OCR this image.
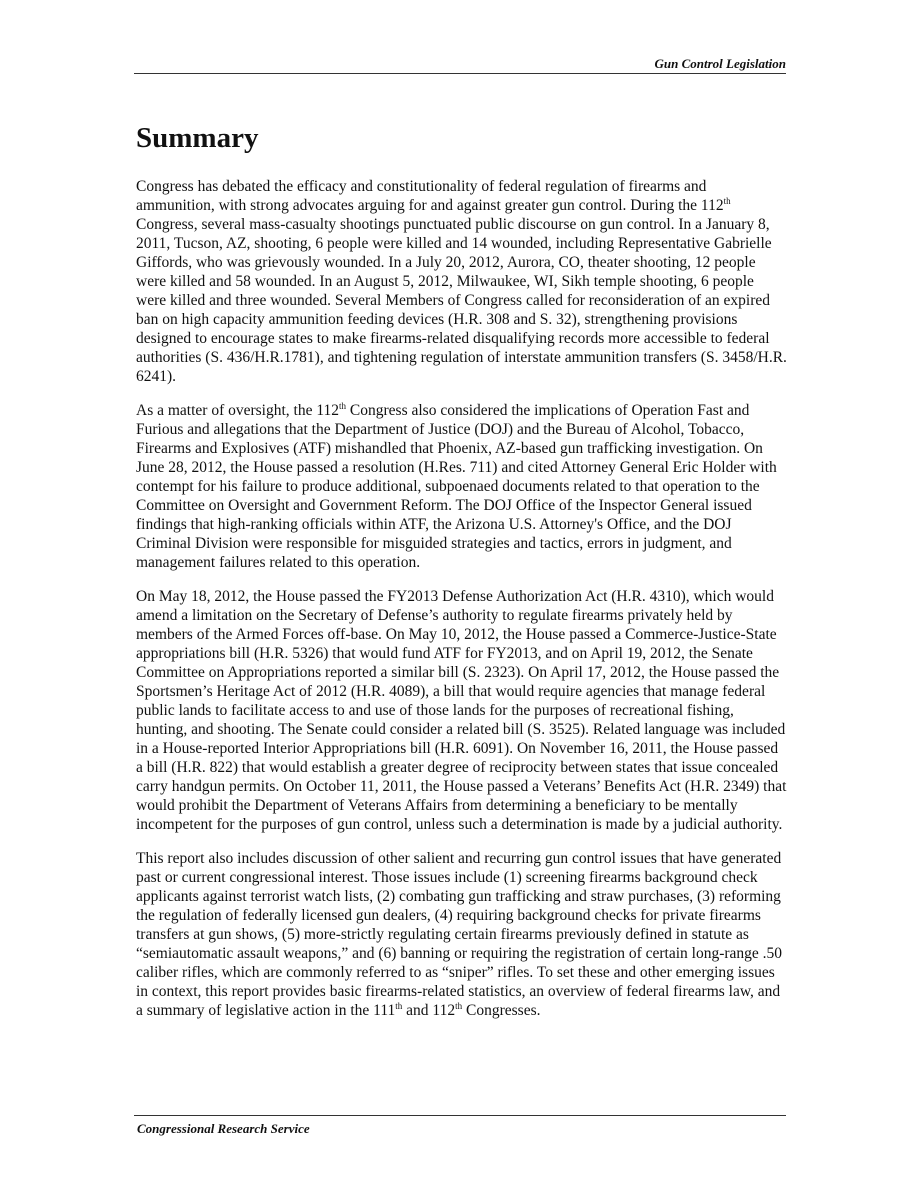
Gun Control Legislation
Summary

Congress has debated the efficacy and constitutionality of federal regulation of firearms and ammunition, with strong advocates arguing for and against greater gun control. During the 112th Congress, several mass-casualty shootings punctuated public discourse on gun control. In a January 8, 2011, Tucson, AZ, shooting, 6 people were killed and 14 wounded, including Representative Gabrielle Giffords, who was grievously wounded. In a July 20, 2012, Aurora, CO, theater shooting, 12 people were killed and 58 wounded. In an August 5, 2012, Milwaukee, WI, Sikh temple shooting, 6 people were killed and three wounded. Several Members of Congress called for reconsideration of an expired ban on high capacity ammunition feeding devices (H.R. 308 and S. 32), strengthening provisions designed to encourage states to make firearms-related disqualifying records more accessible to federal authorities (S. 436/H.R.1781), and tightening regulation of interstate ammunition transfers (S. 3458/H.R. 6241).

As a matter of oversight, the 112th Congress also considered the implications of Operation Fast and Furious and allegations that the Department of Justice (DOJ) and the Bureau of Alcohol, Tobacco, Firearms and Explosives (ATF) mishandled that Phoenix, AZ-based gun trafficking investigation. On June 28, 2012, the House passed a resolution (H.Res. 711) and cited Attorney General Eric Holder with contempt for his failure to produce additional, subpoenaed documents related to that operation to the Committee on Oversight and Government Reform. The DOJ Office of the Inspector General issued findings that high-ranking officials within ATF, the Arizona U.S. Attorney's Office, and the DOJ Criminal Division were responsible for misguided strategies and tactics, errors in judgment, and management failures related to this operation.

On May 18, 2012, the House passed the FY2013 Defense Authorization Act (H.R. 4310), which would amend a limitation on the Secretary of Defense’s authority to regulate firearms privately held by members of the Armed Forces off-base. On May 10, 2012, the House passed a Commerce-Justice-State appropriations bill (H.R. 5326) that would fund ATF for FY2013, and on April 19, 2012, the Senate Committee on Appropriations reported a similar bill (S. 2323). On April 17, 2012, the House passed the Sportsmen’s Heritage Act of 2012 (H.R. 4089), a bill that would require agencies that manage federal public lands to facilitate access to and use of those lands for the purposes of recreational fishing, hunting, and shooting. The Senate could consider a related bill (S. 3525). Related language was included in a House-reported Interior Appropriations bill (H.R. 6091). On November 16, 2011, the House passed a bill (H.R. 822) that would establish a greater degree of reciprocity between states that issue concealed carry handgun permits. On October 11, 2011, the House passed a Veterans’ Benefits Act (H.R. 2349) that would prohibit the Department of Veterans Affairs from determining a beneficiary to be mentally incompetent for the purposes of gun control, unless such a determination is made by a judicial authority.

This report also includes discussion of other salient and recurring gun control issues that have generated past or current congressional interest. Those issues include (1) screening firearms background check applicants against terrorist watch lists, (2) combating gun trafficking and straw purchases, (3) reforming the regulation of federally licensed gun dealers, (4) requiring background checks for private firearms transfers at gun shows, (5) more-strictly regulating certain firearms previously defined in statute as “semiautomatic assault weapons,” and (6) banning or requiring the registration of certain long-range .50 caliber rifles, which are commonly referred to as “sniper” rifles. To set these and other emerging issues in context, this report provides basic firearms-related statistics, an overview of federal firearms law, and a summary of legislative action in the 111th and 112th Congresses.

Congressional Research Service
